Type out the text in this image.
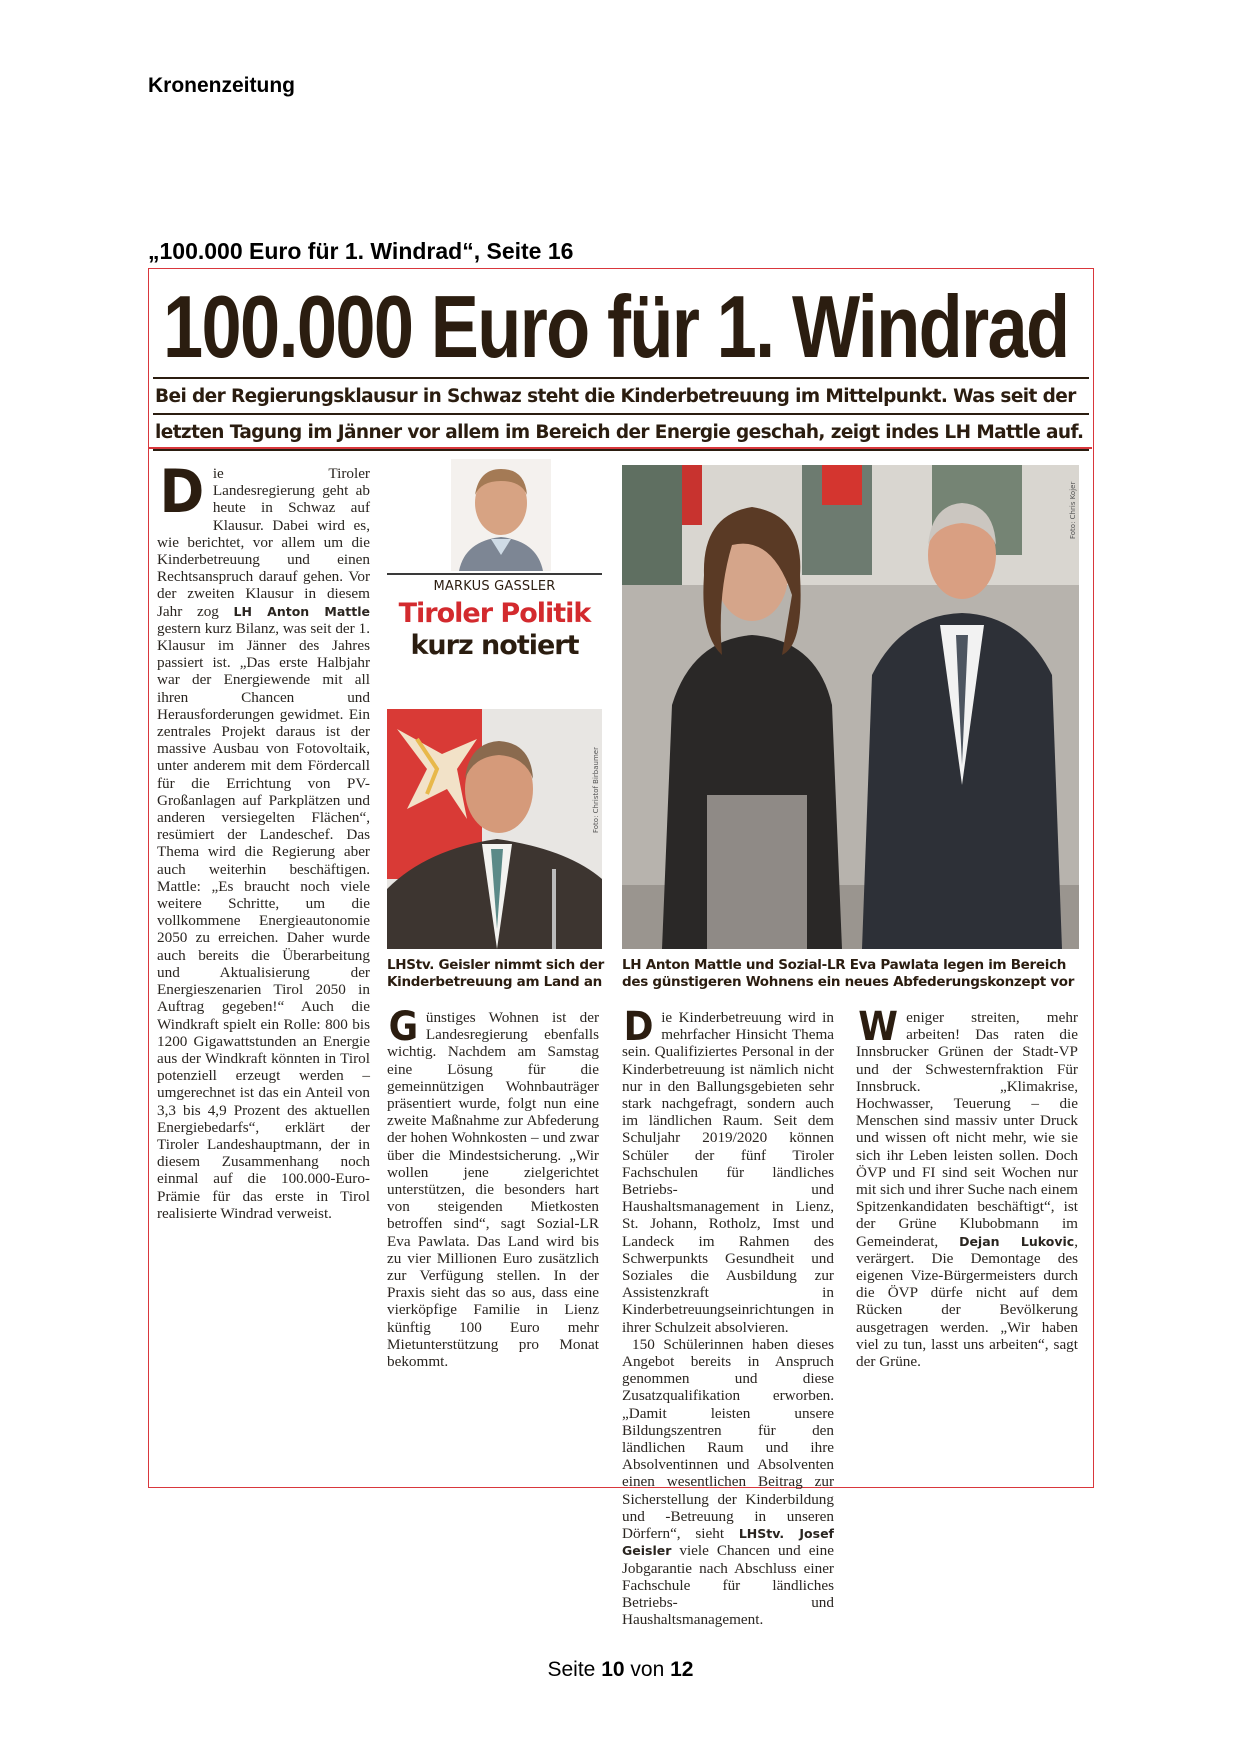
Kronenzeitung
„100.000 Euro für 1. Windrad“, Seite 16
100.000 Euro für 1. Windrad
Bei der Regierungsklausur in Schwaz steht die Kinderbetreuung im Mittelpunkt. Was seit der
letzten Tagung im Jänner vor allem im Bereich der Energie geschah, zeigt indes LH Mattle auf.

Die Tiroler Landesregierung geht ab heute in Schwaz auf Klausur. Dabei wird es, wie berichtet, vor allem um die Kinderbetreuung und einen Rechtsanspruch darauf gehen. Vor der zweiten Klausur in diesem Jahr zog LH Anton Mattle gestern kurz Bilanz, was seit der 1. Klausur im Jänner des Jahres passiert ist. „Das erste Halbjahr war der Energiewende mit all ihren Chancen und Herausforderungen gewidmet. Ein zentrales Projekt daraus ist der massive Ausbau von Fotovoltaik, unter anderem mit dem Fördercall für die Errichtung von PV-Großanlagen auf Parkplätzen und anderen versiegelten Flächen“, resümiert der Landeschef. Das Thema wird die Regierung aber auch weiterhin beschäftigen. Mattle: „Es braucht noch viele weitere Schritte, um die vollkommene Energieautonomie 2050 zu erreichen. Daher wurde auch bereits die Überarbeitung und Aktualisierung der Energieszenarien Tirol 2050 in Auftrag gegeben!“ Auch die Windkraft spielt ein Rolle: 800 bis 1200 Gigawattstunden an Energie aus der Windkraft könnten in Tirol potenziell erzeugt werden – umgerechnet ist das ein Anteil von 3,3 bis 4,9 Prozent des aktuellen Energiebedarfs“, erklärt der Tiroler Landeshauptmann, der in diesem Zusammenhang noch einmal auf die 100.000-Euro-Prämie für das erste in Tirol realisierte Windrad verweist.

MARKUS GASSLER
Tiroler Politik
kurz notiert
Foto: Christof Birbaumer
Foto: Chris Kojer
LHStv. Geisler nimmt sich der Kinderbetreuung am Land an
LH Anton Mattle und Sozial-LR Eva Pawlata legen im Bereich des günstigeren Wohnens ein neues Abfederungskonzept vor

Günstiges Wohnen ist der Landesregierung ebenfalls wichtig. Nachdem am Samstag eine Lösung für die gemeinnützigen Wohnbauträger präsentiert wurde, folgt nun eine zweite Maßnahme zur Abfederung der hohen Wohnkosten – und zwar über die Mindestsicherung. „Wir wollen jene zielgerichtet unterstützen, die besonders hart von steigenden Mietkosten betroffen sind“, sagt Sozial-LR Eva Pawlata. Das Land wird bis zu vier Millionen Euro zusätzlich zur Verfügung stellen. In der Praxis sieht das so aus, dass eine vierköpfige Familie in Lienz künftig 100 Euro mehr Mietunterstützung pro Monat bekommt.

Die Kinderbetreuung wird in mehrfacher Hinsicht Thema sein. Qualifiziertes Personal in der Kinderbetreuung ist nämlich nicht nur in den Ballungsgebieten sehr stark nachgefragt, sondern auch im ländlichen Raum. Seit dem Schuljahr 2019/2020 können Schüler der fünf Tiroler Fachschulen für ländliches Betriebs- und Haushaltsmanagement in Lienz, St. Johann, Rotholz, Imst und Landeck im Rahmen des Schwerpunkts Gesundheit und Soziales die Ausbildung zur Assistenzkraft in Kinderbetreuungseinrichtungen in ihrer Schulzeit absolvieren.

150 Schülerinnen haben dieses Angebot bereits in Anspruch genommen und diese Zusatzqualifikation erworben. „Damit leisten unsere Bildungszentren für den ländlichen Raum und ihre Absolventinnen und Absolventen einen wesentlichen Beitrag zur Sicherstellung der Kinderbildung und -Betreuung in unseren Dörfern“, sieht LHStv. Josef Geisler viele Chancen und eine Jobgarantie nach Abschluss einer Fachschule für ländliches Betriebs- und Haushaltsmanagement.

Weniger streiten, mehr arbeiten! Das raten die Innsbrucker Grünen der Stadt-VP und der Schwesternfraktion Für Innsbruck. „Klimakrise, Hochwasser, Teuerung – die Menschen sind massiv unter Druck und wissen oft nicht mehr, wie sie sich ihr Leben leisten sollen. Doch ÖVP und FI sind seit Wochen nur mit sich und ihrer Suche nach einem Spitzenkandidaten beschäftigt“, ist der Grüne Klubobmann im Gemeinderat, Dejan Lukovic, verärgert. Die Demontage des eigenen Vize-Bürgermeisters durch die ÖVP dürfe nicht auf dem Rücken der Bevölkerung ausgetragen werden. „Wir haben viel zu tun, lasst uns arbeiten“, sagt der Grüne.

Seite 10 von 12
